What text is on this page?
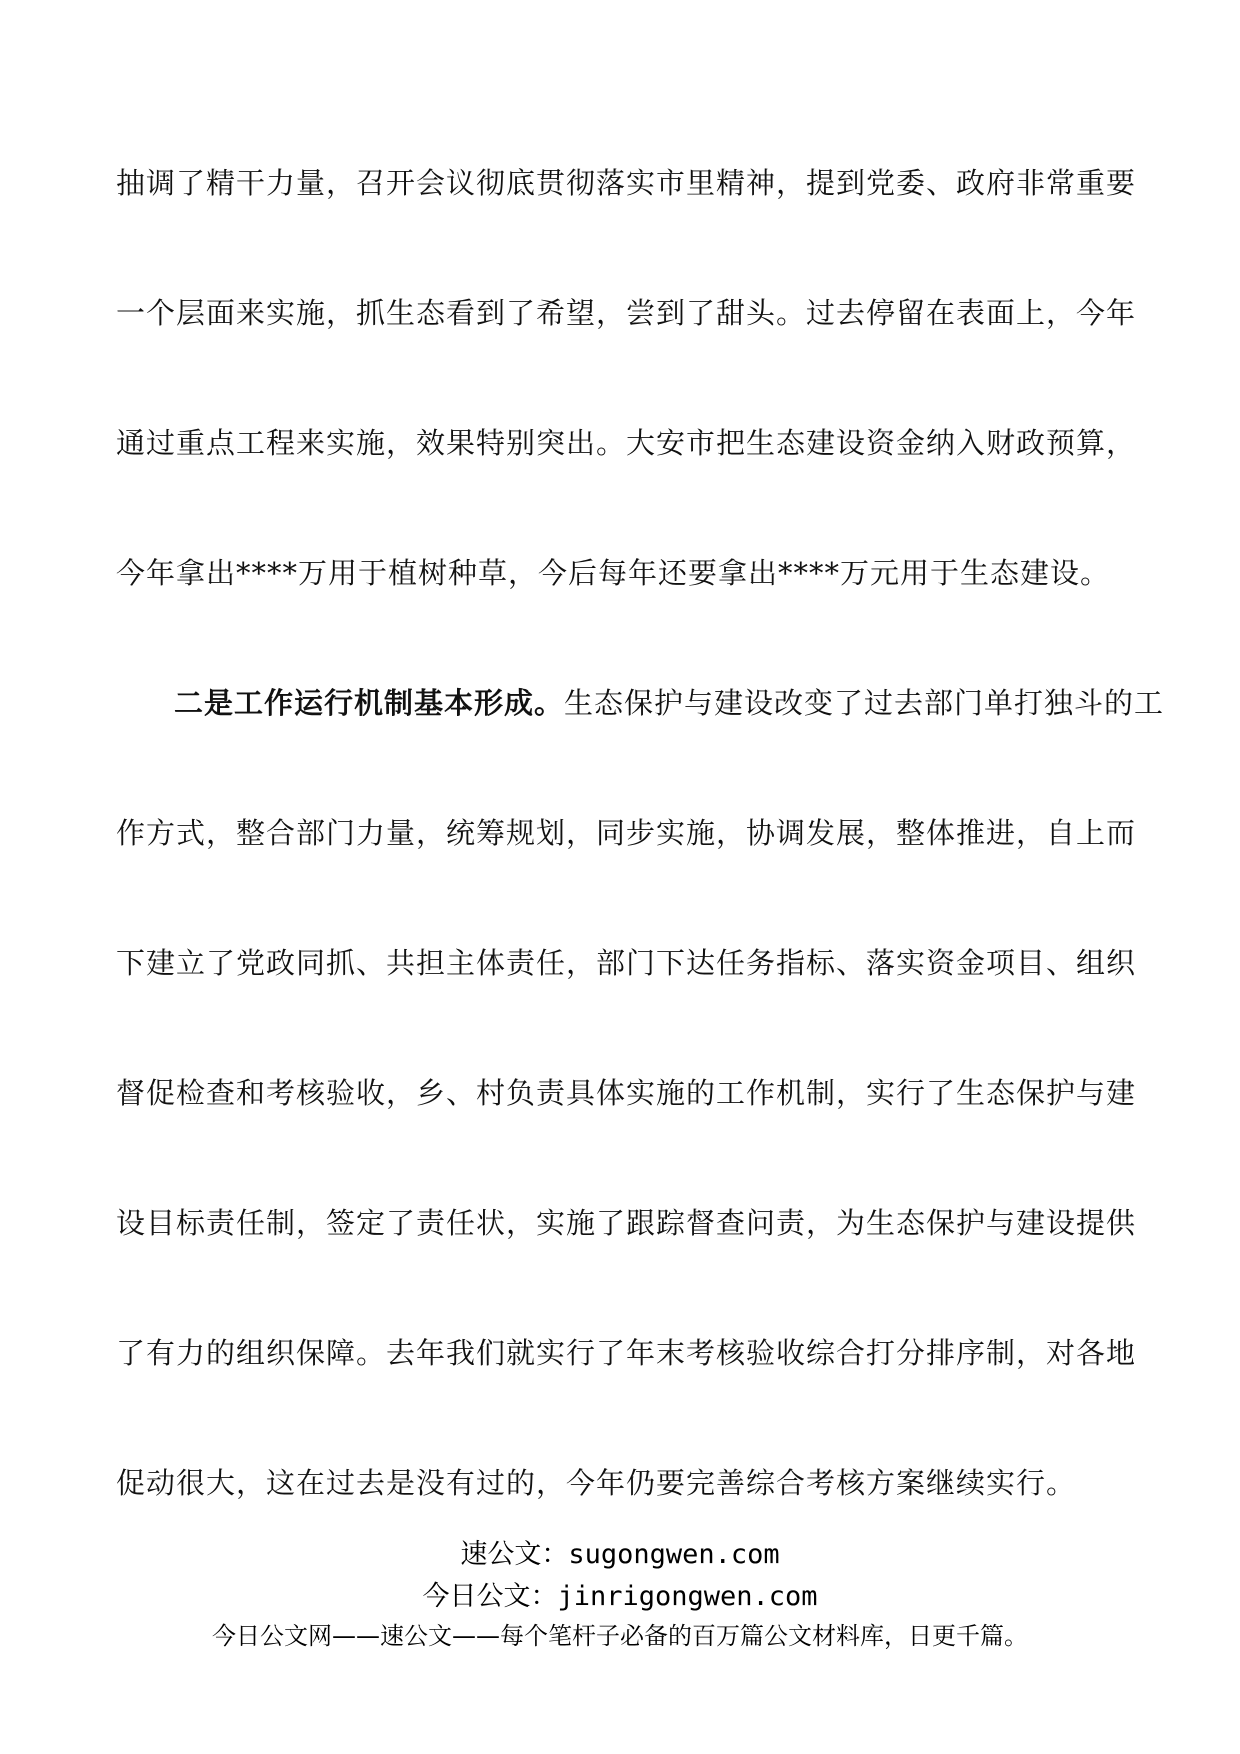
抽调了精干力量，召开会议彻底贯彻落实市里精神，提到党委、政府非常重要
一个层面来实施，抓生态看到了希望，尝到了甜头。过去停留在表面上，今年
通过重点工程来实施，效果特别突出。大安市把生态建设资金纳入财政预算，
今年拿出****万用于植树种草，今后每年还要拿出****万元用于生态建设。
二是工作运行机制基本形成。生态保护与建设改变了过去部门单打独斗的工
作方式，整合部门力量，统筹规划，同步实施，协调发展，整体推进，自上而
下建立了党政同抓、共担主体责任，部门下达任务指标、落实资金项目、组织
督促检查和考核验收，乡、村负责具体实施的工作机制，实行了生态保护与建
设目标责任制，签定了责任状，实施了跟踪督查问责，为生态保护与建设提供
了有力的组织保障。去年我们就实行了年末考核验收综合打分排序制，对各地
促动很大，这在过去是没有过的，今年仍要完善综合考核方案继续实行。
速公文：sugongwen.com
今日公文：jinrigongwen.com
今日公文网——速公文——每个笔杆子必备的百万篇公文材料库，日更千篇。
